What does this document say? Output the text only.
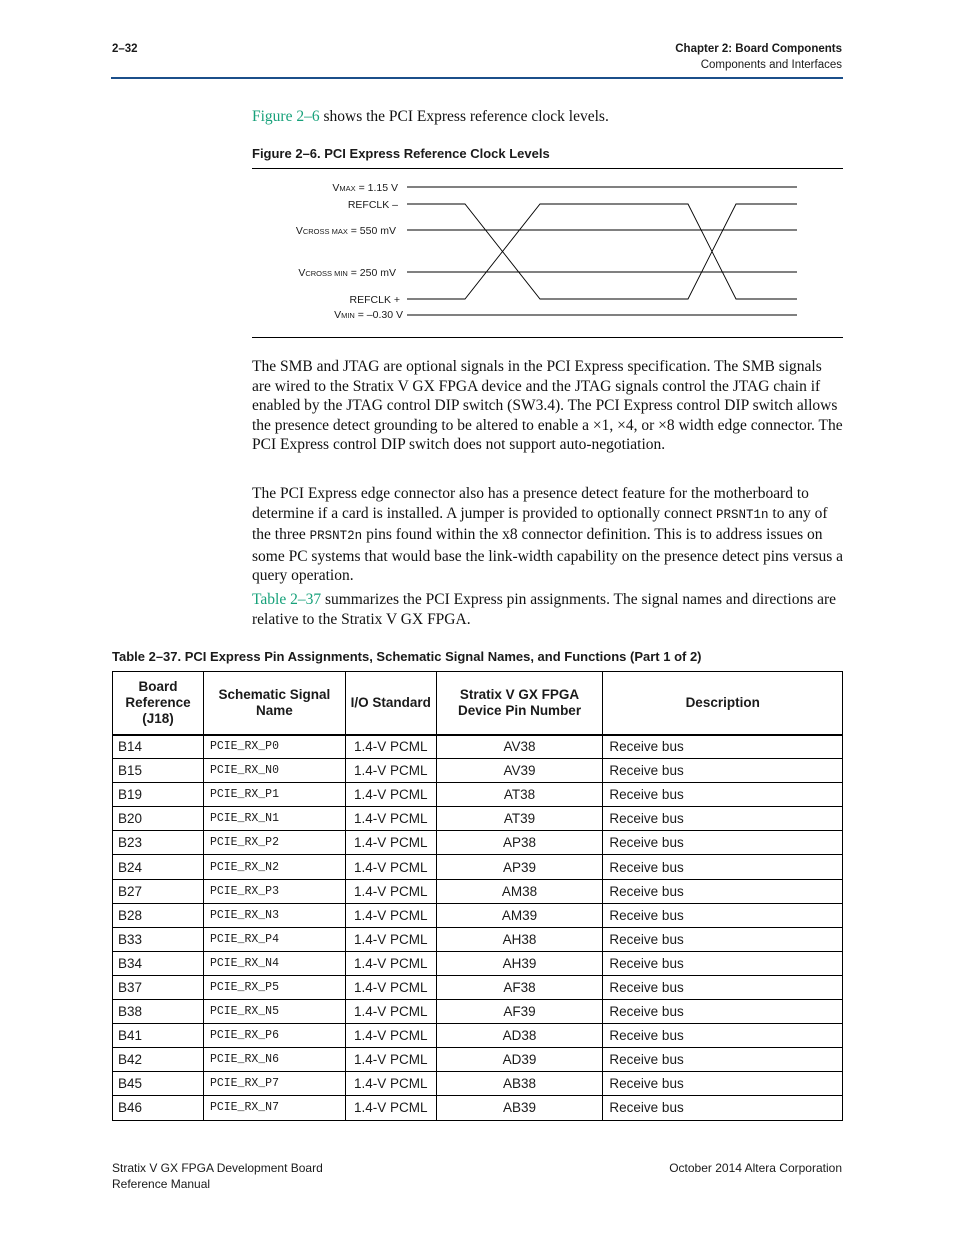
2–32	Chapter 2: Board Components
Components and Interfaces

Figure 2–6 shows the PCI Express reference clock levels.

Figure 2–6. PCI Express Reference Clock Levels
VMAX = 1.15 V
REFCLK –
VCROSS MAX = 550 mV
VCROSS MIN = 250 mV
REFCLK +
VMIN = –0.30 V

The SMB and JTAG are optional signals in the PCI Express specification. The SMB signals are wired to the Stratix V GX FPGA device and the JTAG signals control the JTAG chain if enabled by the JTAG control DIP switch (SW3.4). The PCI Express control DIP switch allows the presence detect grounding to be altered to enable a ×1, ×4, or ×8 width edge connector. The PCI Express control DIP switch does not support auto-negotiation.

The PCI Express edge connector also has a presence detect feature for the motherboard to determine if a card is installed. A jumper is provided to optionally connect PRSNT1n to any of the three PRSNT2n pins found within the x8 connector definition. This is to address issues on some PC systems that would base the link-width capability on the presence detect pins versus a query operation.

Table 2–37 summarizes the PCI Express pin assignments. The signal names and directions are relative to the Stratix V GX FPGA.

Table 2–37. PCI Express Pin Assignments, Schematic Signal Names, and Functions (Part 1 of 2)
Board Reference (J18)	Schematic Signal Name	I/O Standard	Stratix V GX FPGA Device Pin Number	Description
B14	PCIE_RX_P0	1.4-V PCML	AV38	Receive bus
B15	PCIE_RX_N0	1.4-V PCML	AV39	Receive bus
B19	PCIE_RX_P1	1.4-V PCML	AT38	Receive bus
B20	PCIE_RX_N1	1.4-V PCML	AT39	Receive bus
B23	PCIE_RX_P2	1.4-V PCML	AP38	Receive bus
B24	PCIE_RX_N2	1.4-V PCML	AP39	Receive bus
B27	PCIE_RX_P3	1.4-V PCML	AM38	Receive bus
B28	PCIE_RX_N3	1.4-V PCML	AM39	Receive bus
B33	PCIE_RX_P4	1.4-V PCML	AH38	Receive bus
B34	PCIE_RX_N4	1.4-V PCML	AH39	Receive bus
B37	PCIE_RX_P5	1.4-V PCML	AF38	Receive bus
B38	PCIE_RX_N5	1.4-V PCML	AF39	Receive bus
B41	PCIE_RX_P6	1.4-V PCML	AD38	Receive bus
B42	PCIE_RX_N6	1.4-V PCML	AD39	Receive bus
B45	PCIE_RX_P7	1.4-V PCML	AB38	Receive bus
B46	PCIE_RX_N7	1.4-V PCML	AB39	Receive bus
Stratix V GX FPGA Development Board
Reference Manual
October 2014 Altera Corporation
